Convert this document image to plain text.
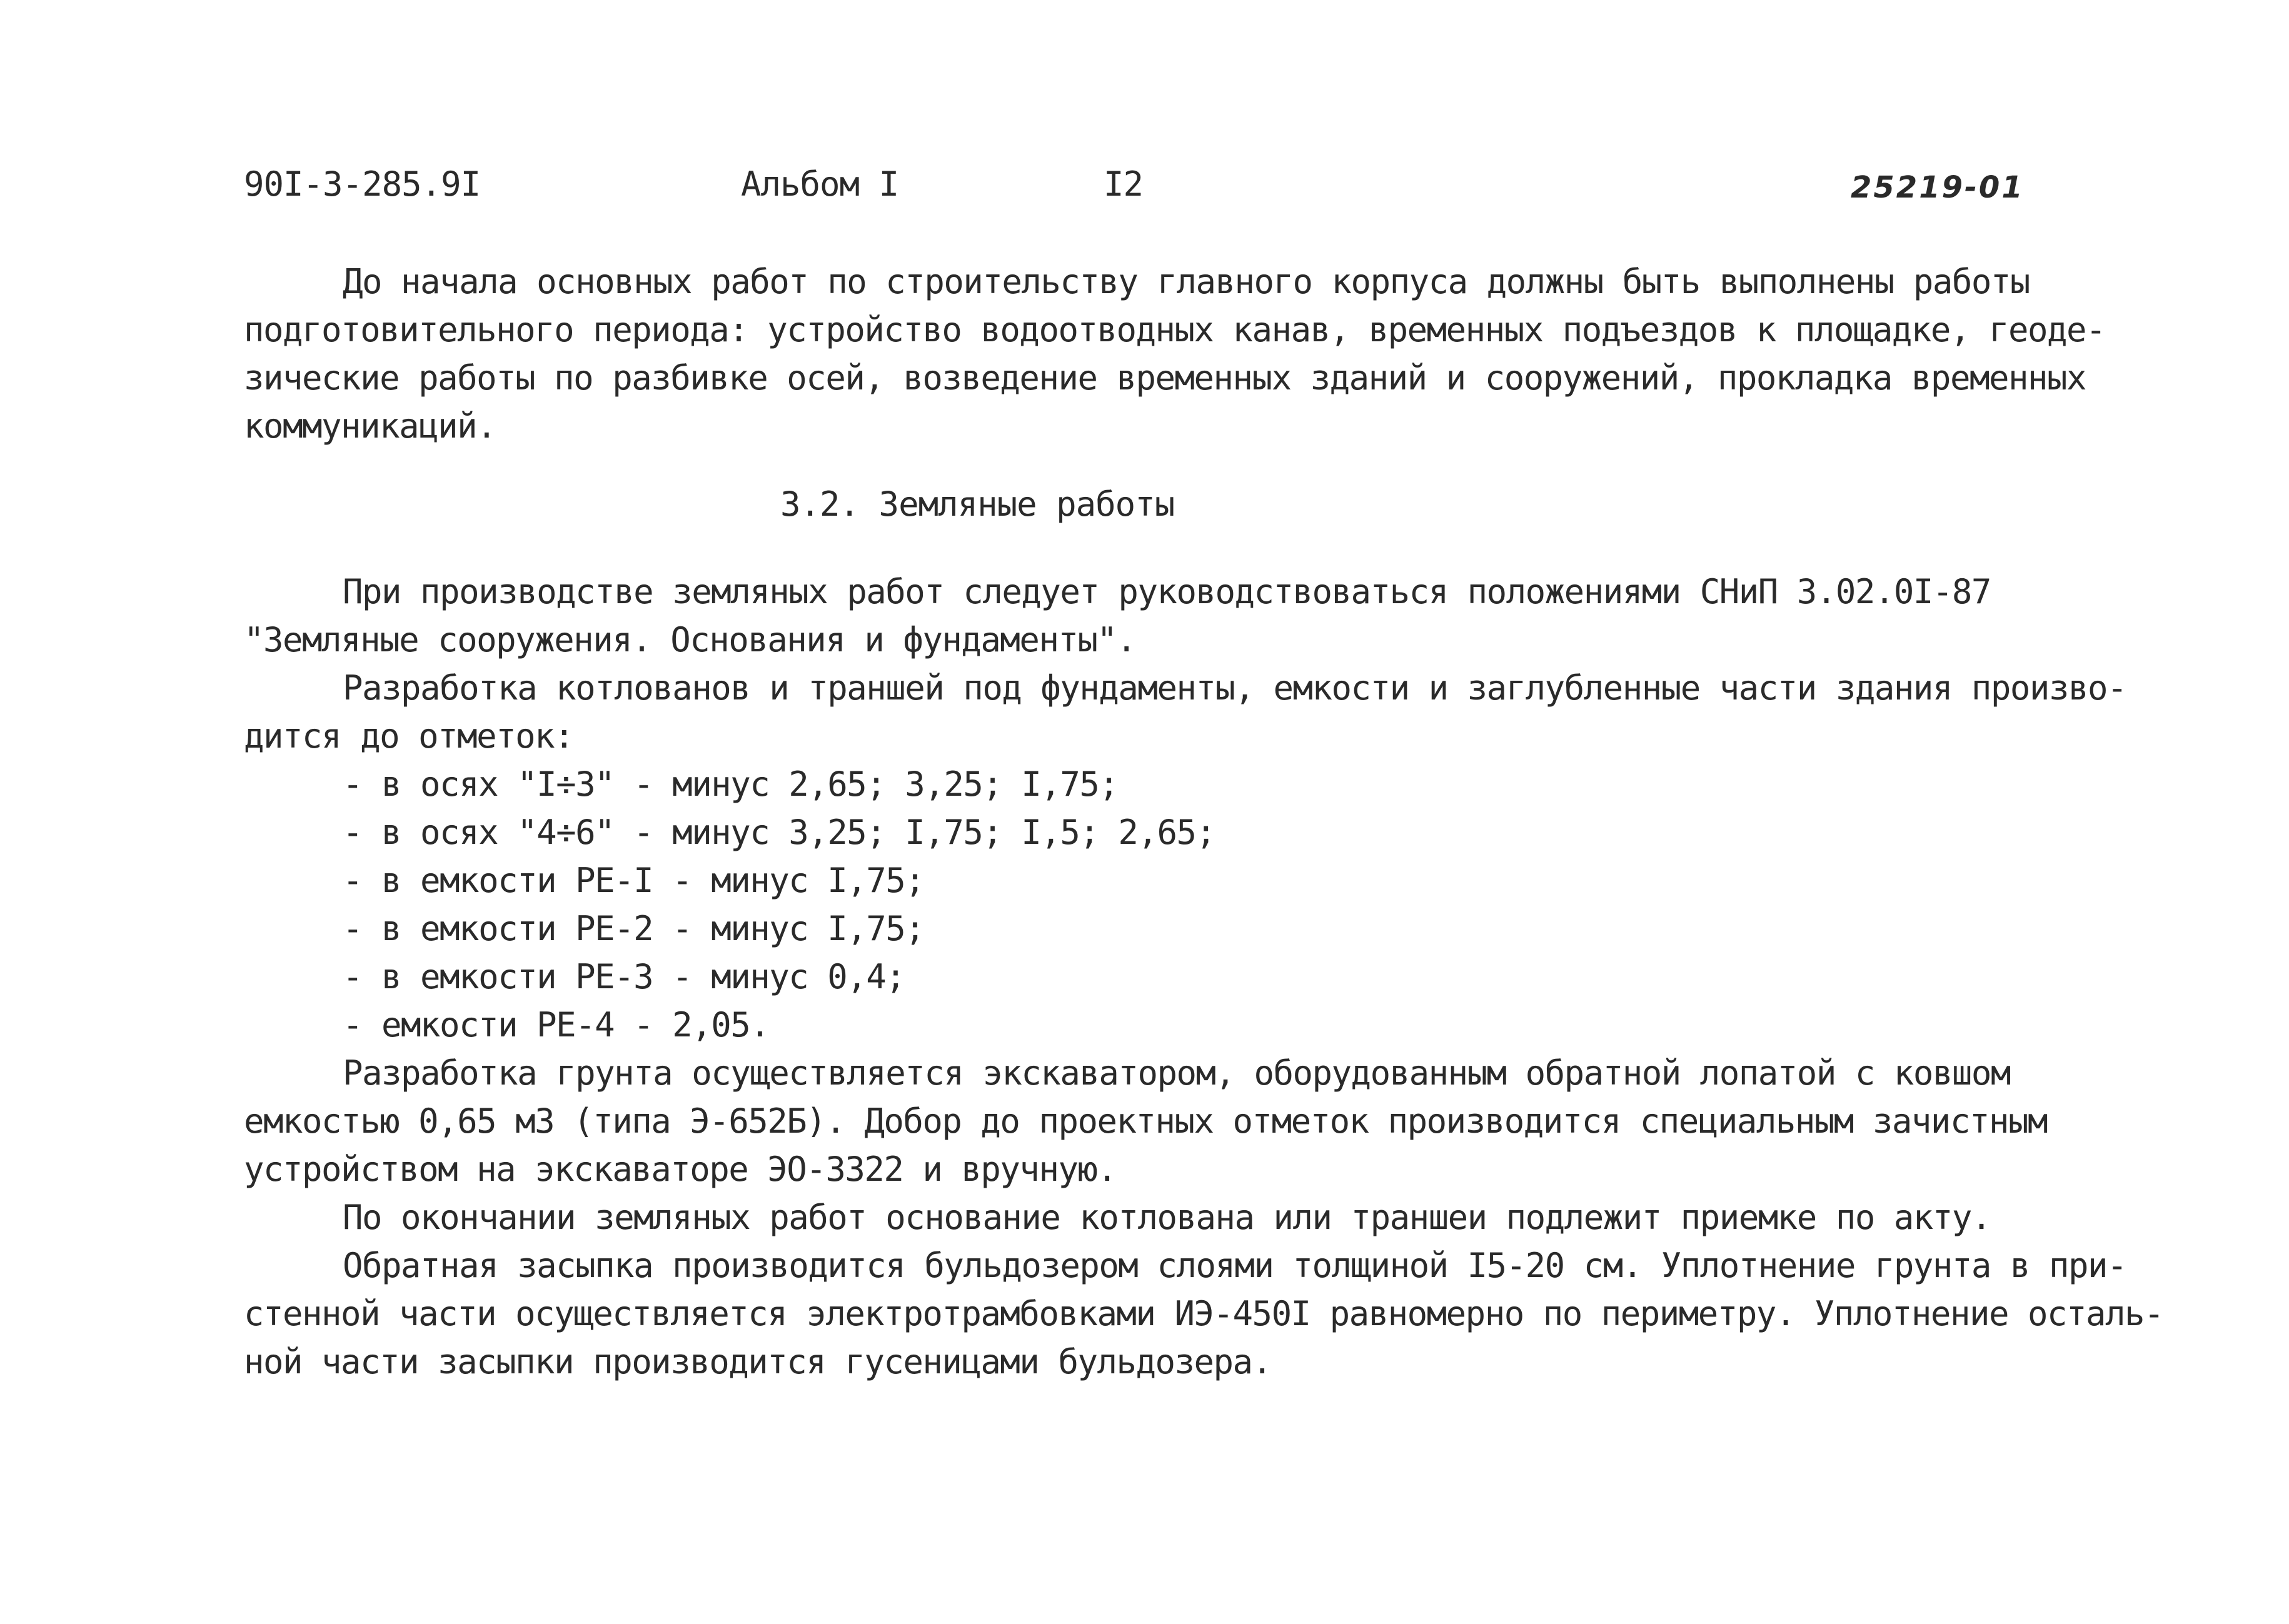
90I-3-285.9I	Альбом I	I2	25219-01
До начала основных работ по строительству главного корпуса должны быть выполнены работы
подготовительного периода: устройство водоотводных канав, временных подъездов к площадке, геоде-
зические работы по разбивке осей, возведение временных зданий и сооружений, прокладка временных
коммуникаций.
3.2. Земляные работы
При производстве земляных работ следует руководствоваться положениями СНиП 3.02.0I-87
"Земляные сооружения. Основания и фундаменты".
Разработка котлованов и траншей под фундаменты, емкости и заглубленные части здания произво-
дится до отметок:
- в осях "I÷3" - минус 2,65; 3,25; I,75;
- в осях "4÷6" - минус 3,25; I,75; I,5; 2,65;
- в емкости РЕ-I - минус I,75;
- в емкости РЕ-2 - минус I,75;
- в емкости РЕ-3 - минус 0,4;
- емкости РЕ-4 - 2,05.
Разработка грунта осуществляется экскаватором, оборудованным обратной лопатой с ковшом
емкостью 0,65 м3 (типа Э-652Б). Добор до проектных отметок производится специальным зачистным
устройством на экскаваторе ЭО-3322 и вручную.
По окончании земляных работ основание котлована или траншеи подлежит приемке по акту.
Обратная засыпка производится бульдозером слоями толщиной I5-20 см. Уплотнение грунта в при-
стенной части осуществляется электротрамбовками ИЭ-450I равномерно по периметру. Уплотнение осталь-
ной части засыпки производится гусеницами бульдозера.
